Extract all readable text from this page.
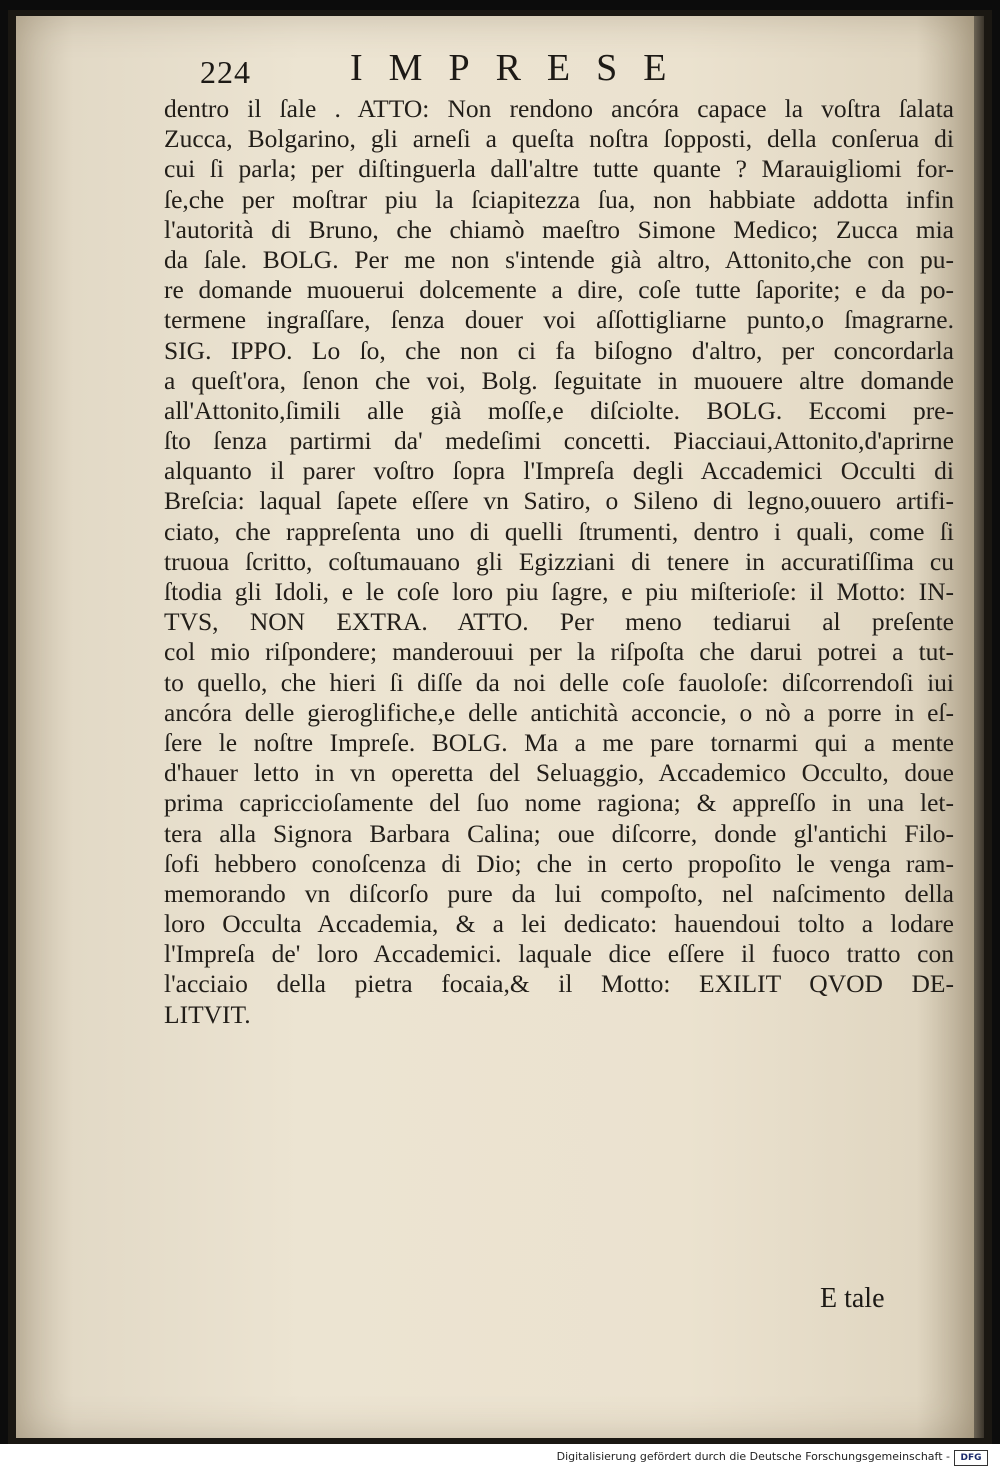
224	IMPRESE
dentro il ſale . ATTO: Non rendono ancóra capace la voſtra ſalata
Zucca, Bolgarino, gli arneſi a queſta noſtra ſopposti, della conſerua di
cui ſi parla; per diſtinguerla dall'altre tutte quante ? Marauigliomi for-
ſe,che per moſtrar piu la ſciapitezza ſua, non habbiate addotta infin
l'autorità di Bruno, che chiamò maeſtro Simone Medico; Zucca mia
da ſale. BOLG. Per me non s'intende già altro, Attonito,che con pu-
re domande muouerui dolcemente a dire, coſe tutte ſaporite; e da po-
termene ingraſſare, ſenza douer voi aſſottigliarne punto,o ſmagrarne.
SIG. IPPO. Lo ſo, che non ci fa biſogno d'altro, per concordarla
a queſt'ora, ſenon che voi, Bolg. ſeguitate in muouere altre domande
all'Attonito,ſimili alle già moſſe,e diſciolte. BOLG. Eccomi pre-
ſto ſenza partirmi da' medeſimi concetti. Piacciaui,Attonito,d'aprirne
alquanto il parer voſtro ſopra l'Impreſa degli Accademici Occulti di
Breſcia: laqual ſapete eſſere vn Satiro, o Sileno di legno,ouuero artifi-
ciato, che rappreſenta uno di quelli ſtrumenti, dentro i quali, come ſi
truoua ſcritto, coſtumauano gli Egizziani di tenere in accuratiſſima cu
ſtodia gli Idoli, e le coſe loro piu ſagre, e piu miſterioſe: il Motto: IN-
TVS, NON EXTRA. ATTO. Per meno tediarui al preſente
col mio riſpondere; manderouui per la riſpoſta che darui potrei a tut-
to quello, che hieri ſi diſſe da noi delle coſe fauoloſe: diſcorrendoſi iui
ancóra delle gieroglifiche,e delle antichità acconcie, o nò a porre in eſ-
ſere le noſtre Impreſe. BOLG. Ma a me pare tornarmi qui a mente
d'hauer letto in vn operetta del Seluaggio, Accademico Occulto, doue
prima capriccioſamente del ſuo nome ragiona; & appreſſo in una let-
tera alla Signora Barbara Calina; oue diſcorre, donde gl'antichi Filo-
ſofi hebbero conoſcenza di Dio; che in certo propoſito le venga ram-
memorando vn diſcorſo pure da lui compoſto, nel naſcimento della
loro Occulta Accademia, & a lei dedicato: hauendoui tolto a lodare
l'Impreſa de' loro Accademici. laquale dice eſſere il fuoco tratto con
l'acciaio della pietra focaia,& il Motto: EXILIT QVOD DE-
LITVIT.
E tale
Digitalisierung gefördert durch die Deutsche Forschungsgemeinschaft -	DFG
